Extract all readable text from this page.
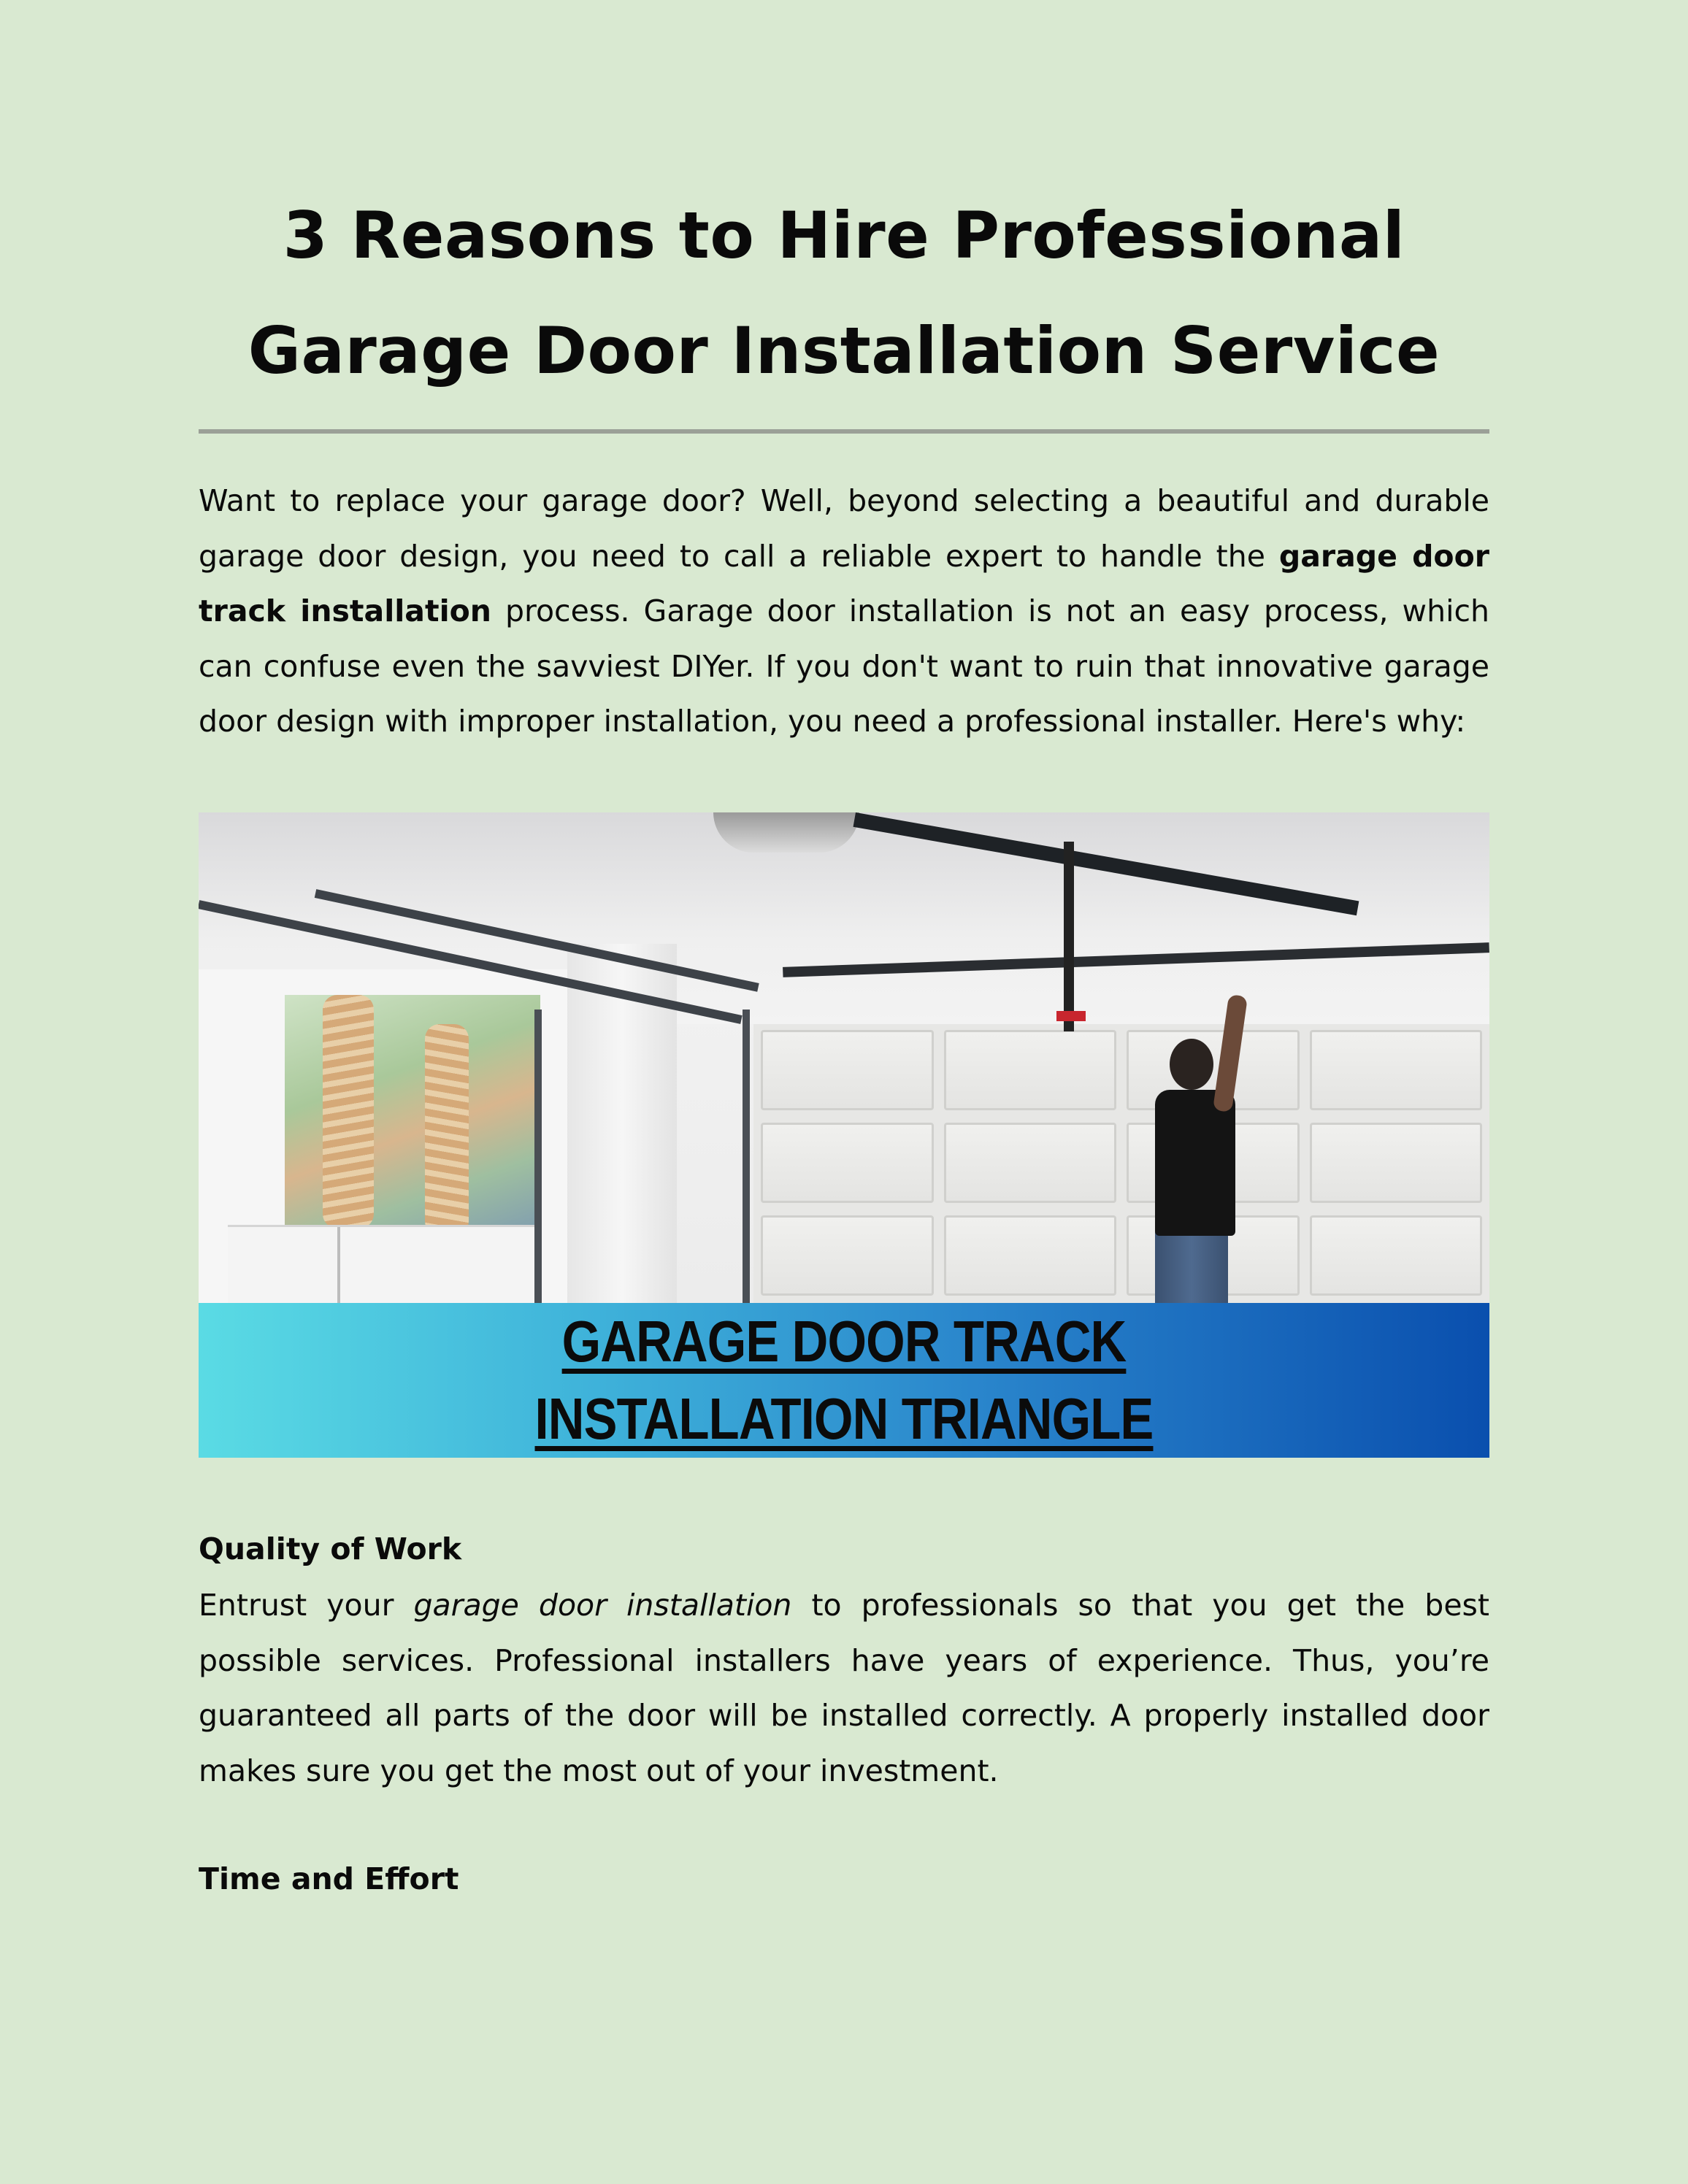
3 Reasons to Hire Professional
Garage Door Installation Service

Want to replace your garage door? Well, beyond selecting a beautiful and durable garage door design, you need to call a reliable expert to handle the garage door track installation process. Garage door installation is not an easy process, which can confuse even the savviest DIYer. If you don't want to ruin that innovative garage door design with improper installation, you need a professional installer. Here's why:

GARAGE DOOR TRACK
INSTALLATION TRIANGLE
Quality of Work

Entrust your garage door installation to professionals so that you get the best possible services. Professional installers have years of experience. Thus, you’re guaranteed all parts of the door will be installed correctly. A properly installed door makes sure you get the most out of your investment.

Time and Effort
